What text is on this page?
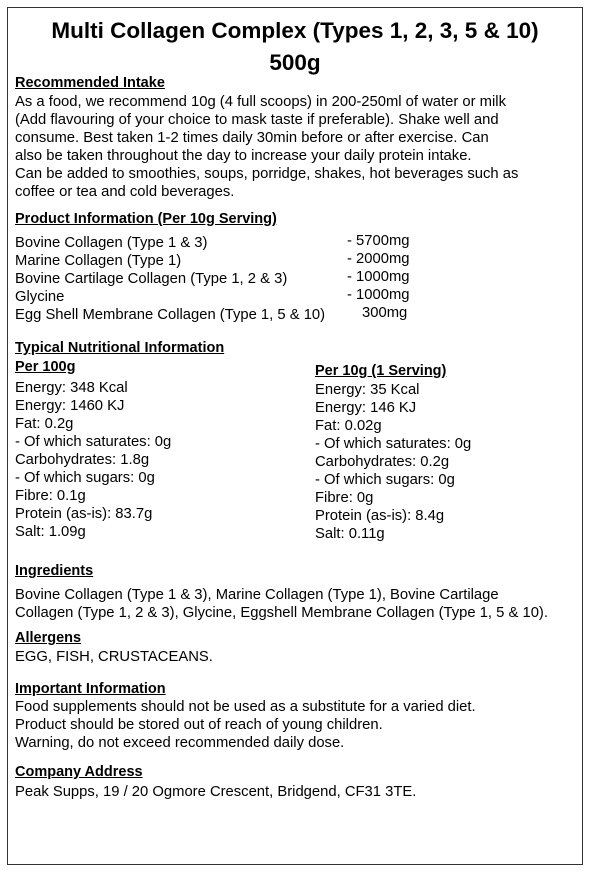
Multi Collagen Complex (Types 1, 2, 3, 5 & 10)
500g
Recommended Intake
As a food, we recommend 10g (4 full scoops) in 200-250ml of water or milk
(Add flavouring of your choice to mask taste if preferable). Shake well and
consume. Best taken 1-2 times daily 30min before or after exercise. Can
also be taken throughout the day to increase your daily protein intake.
Can be added to smoothies, soups, porridge, shakes, hot beverages such as
coffee or tea and cold beverages.
Product Information (Per 10g Serving)
Bovine Collagen (Type 1 & 3)	- 5700mg
Marine Collagen (Type 1)	- 2000mg
Bovine Cartilage Collagen (Type 1, 2 & 3)	- 1000mg
Glycine	- 1000mg
Egg Shell Membrane Collagen (Type 1, 5 & 10) 300mg
Typical Nutritional Information
Per 100g
Energy: 348 Kcal
Energy: 1460 KJ
Fat: 0.2g
- Of which saturates: 0g
Carbohydrates: 1.8g
- Of which sugars: 0g
Fibre: 0.1g
Protein (as-is): 83.7g
Salt: 1.09g
Per 10g (1 Serving)
Energy: 35 Kcal
Energy: 146 KJ
Fat: 0.02g
- Of which saturates: 0g
Carbohydrates: 0.2g
- Of which sugars: 0g
Fibre: 0g
Protein (as-is): 8.4g
Salt: 0.11g
Ingredients
Bovine Collagen (Type 1 & 3), Marine Collagen (Type 1), Bovine Cartilage
Collagen (Type 1, 2 & 3), Glycine, Eggshell Membrane Collagen (Type 1, 5 & 10).
Allergens
EGG, FISH, CRUSTACEANS.
Important Information
Food supplements should not be used as a substitute for a varied diet.
Product should be stored out of reach of young children.
Warning, do not exceed recommended daily dose.
Company Address
Peak Supps, 19 / 20 Ogmore Crescent, Bridgend, CF31 3TE.
